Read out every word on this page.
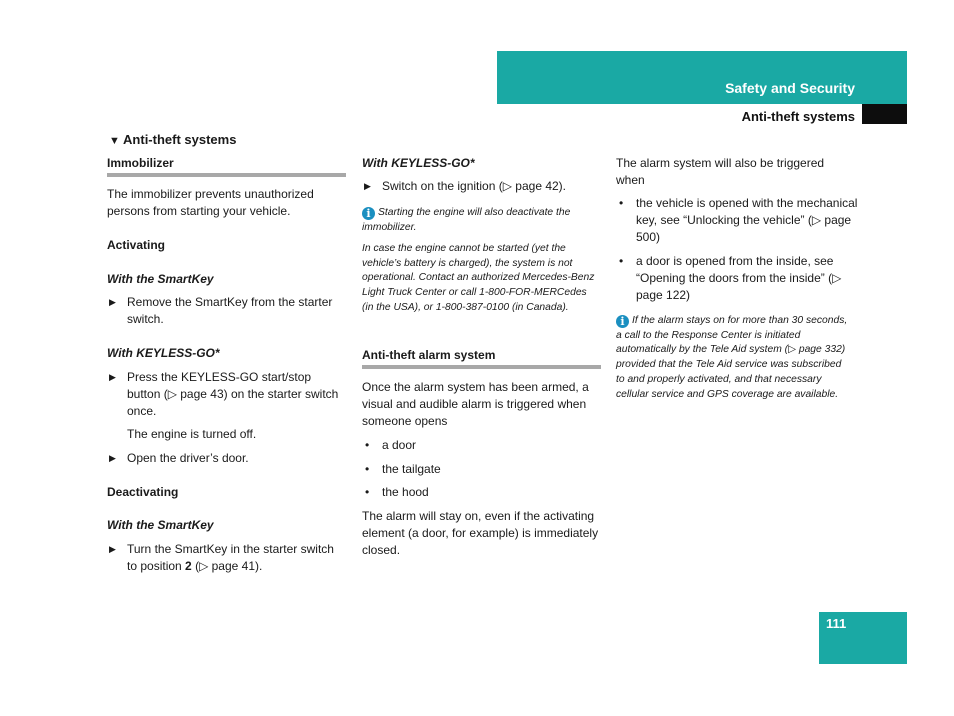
Safety and Security
Anti-theft systems
▼ Anti-theft systems
Immobilizer

The immobilizer prevents unauthorized persons from starting your vehicle.

Activating
With the SmartKey
▶ Remove the SmartKey from the starter switch.
With KEYLESS-GO*
▶ Press the KEYLESS-GO start/stop button (▷ page 43) on the starter switch once.

The engine is turned off.

▶ Open the driver’s door.
Deactivating
With the SmartKey
▶ Turn the SmartKey in the starter switch to position 2 (▷ page 41).
With KEYLESS-GO*
▶ Switch on the ignition (▷ page 42).

i Starting the engine will also deactivate the immobilizer.

In case the engine cannot be started (yet the vehicle’s battery is charged), the system is not operational. Contact an authorized Mercedes-Benz Light Truck Center or call 1-800-FOR-MERCedes (in the USA), or 1-800-387-0100 (in Canada).

Anti-theft alarm system

Once the alarm system has been armed, a visual and audible alarm is triggered when someone opens

• a door
• the tailgate
• the hood

The alarm will stay on, even if the activating element (a door, for example) is immediately closed.

The alarm system will also be triggered when

• the vehicle is opened with the mechanical key, see “Unlocking the vehicle” (▷ page 500)
• a door is opened from the inside, see “Opening the doors from the inside” (▷ page 122)

i If the alarm stays on for more than 30 seconds, a call to the Response Center is initiated automatically by the Tele Aid system (▷ page 332) provided that the Tele Aid service was subscribed to and properly activated, and that necessary cellular service and GPS coverage are available.

111
